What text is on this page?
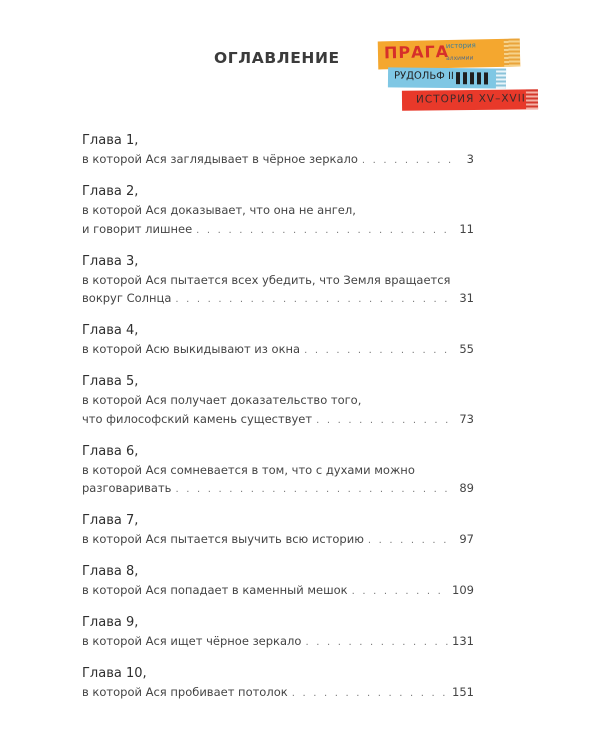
ОГЛАВЛЕНИЕ	ПРАГА
история
алхимии
РУДОЛЬФ II
ИСТОРИЯ XV–XVII
Глава 1,
в которой Ася заглядывает в чёрное зеркало . . .	3
Глава 2,
в которой Ася доказывает, что она не ангел,
и говорит лишнее . . .	11
Глава 3,
в которой Ася пытается всех убедить, что Земля вращается
вокруг Солнца . . .	31
Глава 4,
в которой Асю выкидывают из окна . . .	55
Глава 5,
в которой Ася получает доказательство того,
что философский камень существует . . .	73
Глава 6,
в которой Ася сомневается в том, что с духами можно
разговаривать . . .	89
Глава 7,
в которой Ася пытается выучить всю историю . . .	97
Глава 8,
в которой Ася попадает в каменный мешок . . .	109
Глава 9,
в которой Ася ищет чёрное зеркало . . .	131
Глава 10,
в которой Ася пробивает потолок . . .	151
